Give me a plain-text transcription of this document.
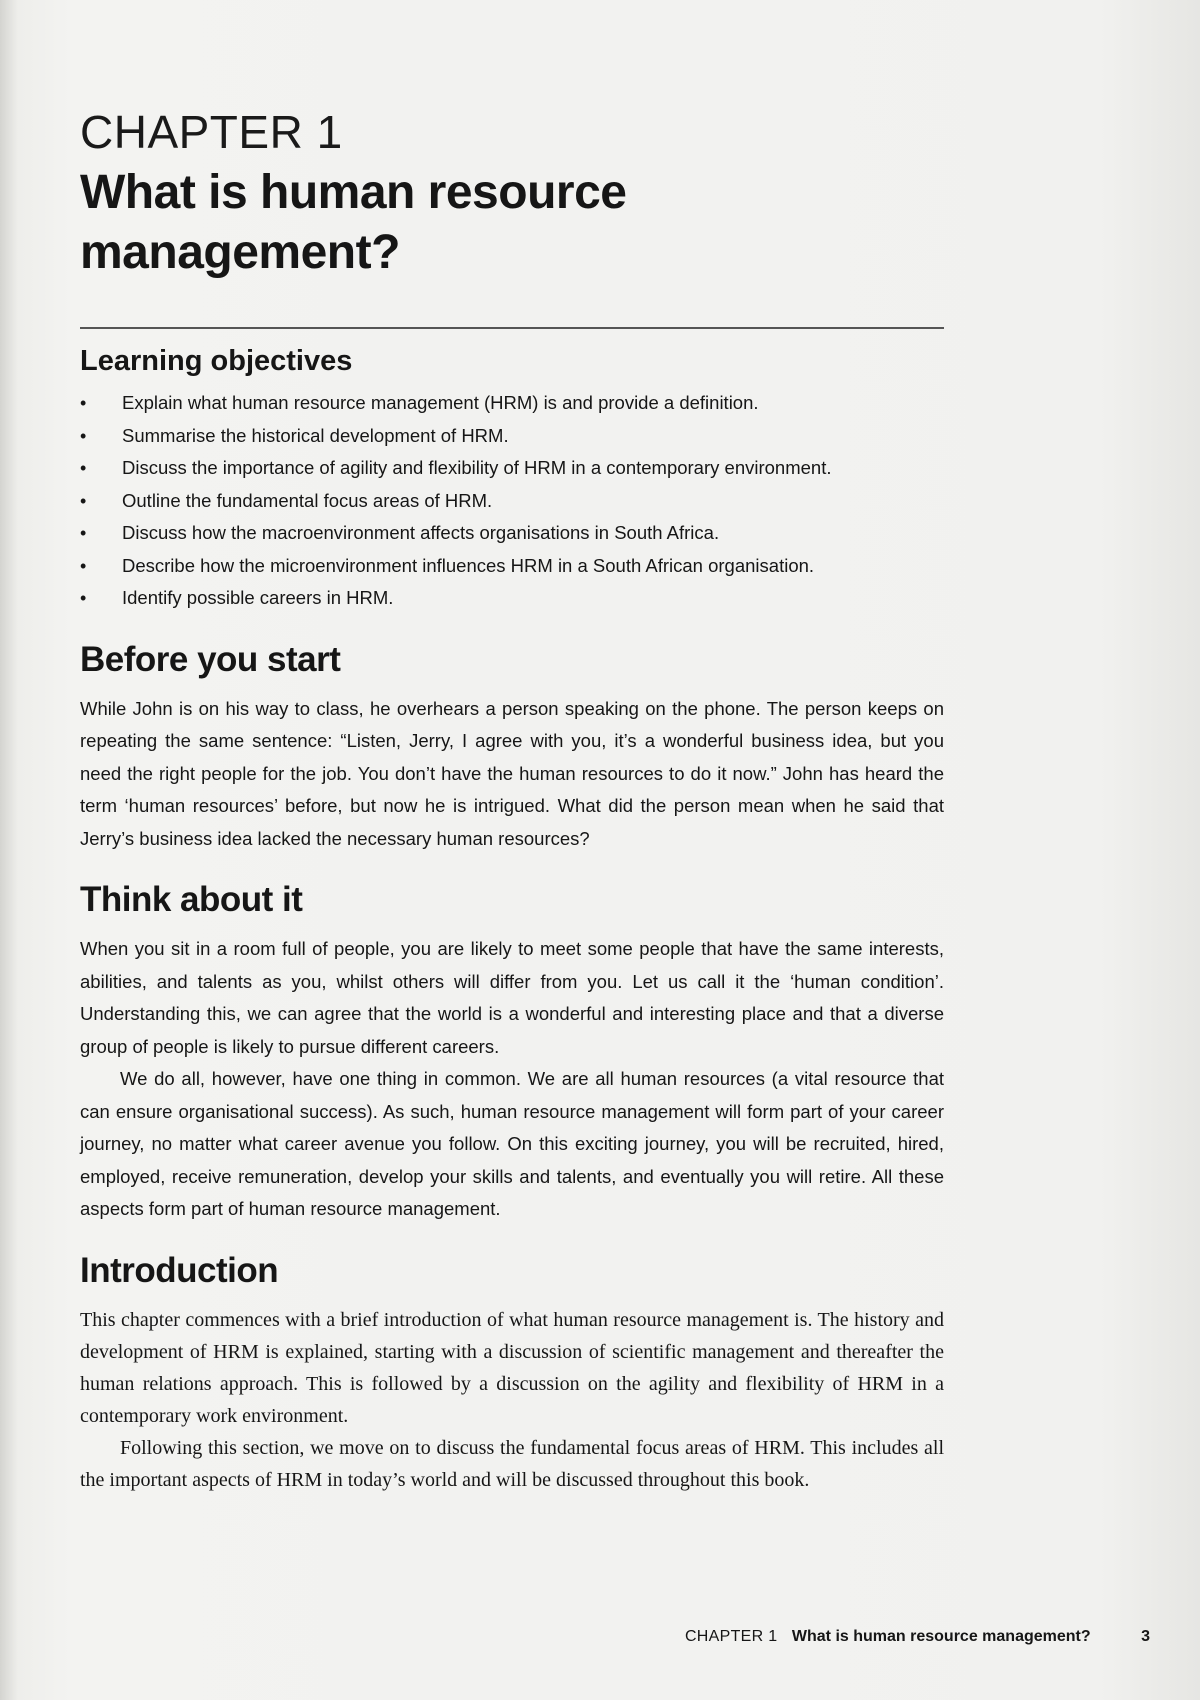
CHAPTER 1
What is human resource management?
Learning objectives
• Explain what human resource management (HRM) is and provide a definition.
• Summarise the historical development of HRM.
• Discuss the importance of agility and flexibility of HRM in a contemporary environment.
• Outline the fundamental focus areas of HRM.
• Discuss how the macroenvironment affects organisations in South Africa.
• Describe how the microenvironment influences HRM in a South African organisation.
• Identify possible careers in HRM.
Before you start

While John is on his way to class, he overhears a person speaking on the phone. The person keeps on repeating the same sentence: “Listen, Jerry, I agree with you, it’s a wonderful business idea, but you need the right people for the job. You don’t have the human resources to do it now.” John has heard the term ‘human resources’ before, but now he is intrigued. What did the person mean when he said that Jerry’s business idea lacked the necessary human resources?

Think about it

When you sit in a room full of people, you are likely to meet some people that have the same interests, abilities, and talents as you, whilst others will differ from you. Let us call it the ‘human condition’. Understanding this, we can agree that the world is a wonderful and interesting place and that a diverse group of people is likely to pursue different careers.

We do all, however, have one thing in common. We are all human resources (a vital resource that can ensure organisational success). As such, human resource management will form part of your career journey, no matter what career avenue you follow. On this exciting journey, you will be recruited, hired, employed, receive remuneration, develop your skills and talents, and eventually you will retire. All these aspects form part of human resource management.

Introduction

This chapter commences with a brief introduction of what human resource management is. The history and development of HRM is explained, starting with a discussion of scientific management and thereafter the human relations approach. This is followed by a discussion on the agility and flexibility of HRM in a contemporary work environment.

Following this section, we move on to discuss the fundamental focus areas of HRM. This includes all the important aspects of HRM in today’s world and will be discussed throughout this book.

CHAPTER 1 What is human resource management?	3
